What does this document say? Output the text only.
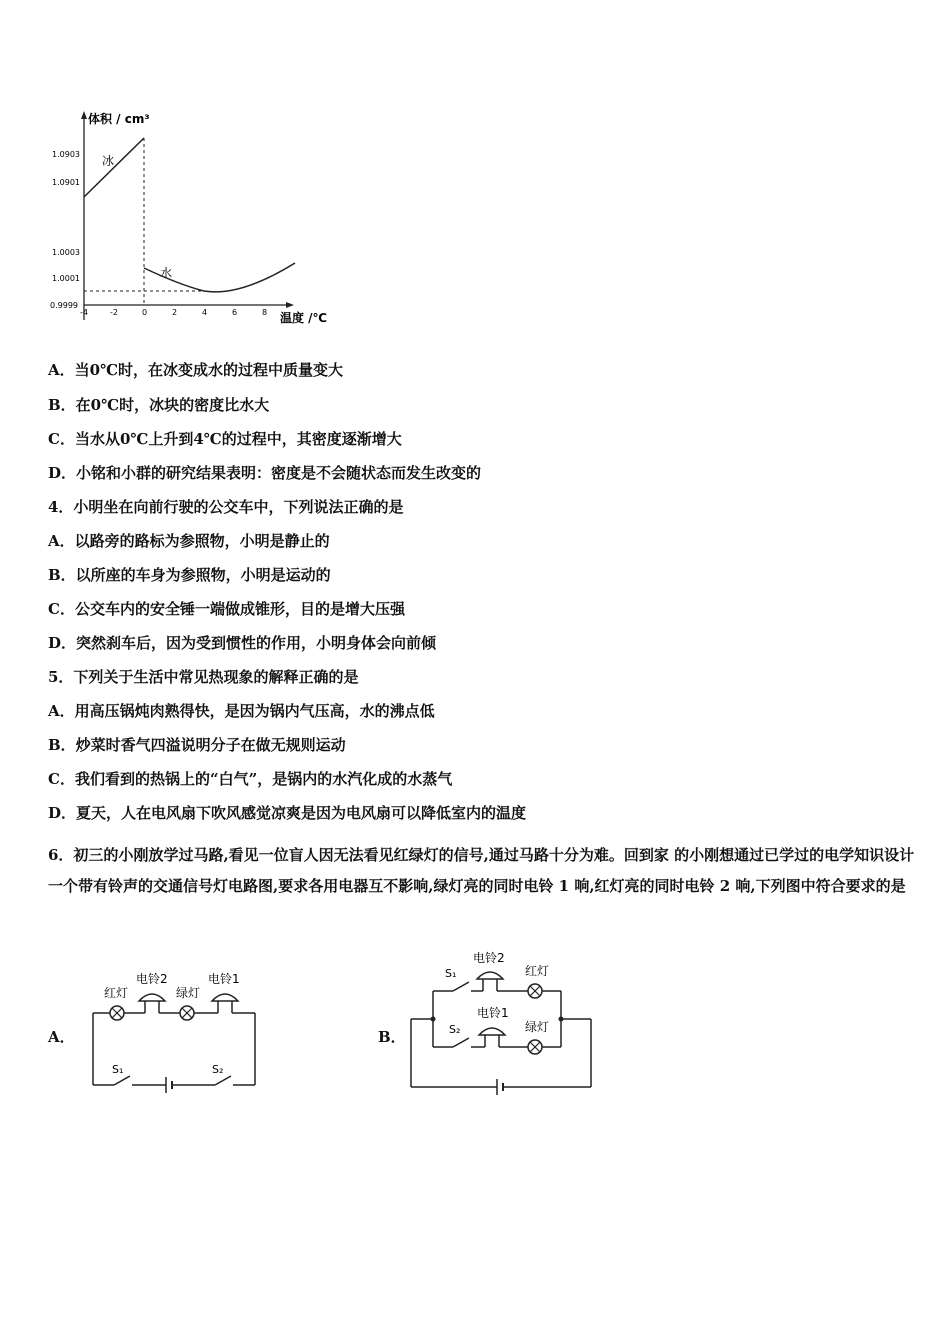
体积 / cm³
温度 /℃
1.0903
1.0901
1.0003
1.0001
0.9999
-4	-2	0	2	4	6	8
冰
水
A．当0℃时，在冰变成水的过程中质量变大
B．在0℃时，冰块的密度比水大
C．当水从0℃上升到4℃的过程中，其密度逐渐增大
D．小铭和小群的研究结果表明：密度是不会随状态而发生改变的
4．小明坐在向前行驶的公交车中，下列说法正确的是
A．以路旁的路标为参照物，小明是静止的
B．以所座的车身为参照物，小明是运动的
C．公交车内的安全锤一端做成锥形，目的是增大压强
D．突然刹车后，因为受到惯性的作用，小明身体会向前倾
5．下列关于生活中常见热现象的解释正确的是
A．用高压锅炖肉熟得快，是因为锅内气压高，水的沸点低
B．炒菜时香气四溢说明分子在做无规则运动
C．我们看到的热锅上的“白气”，是锅内的水汽化成的水蒸气
D．夏天，人在电风扇下吹风感觉凉爽是因为电风扇可以降低室内的温度
6．初三的小刚放学过马路,看见一位盲人因无法看见红绿灯的信号,通过马路十分为难。回到家 的小刚想通过已学过的电学知识设计一个带有铃声的交通信号灯电路图,要求各用电器互不影响,绿灯亮的同时电铃 1 响,红灯亮的同时电铃 2 响,下列图中符合要求的是
A．	B．
红灯
电铃2
绿灯
电铃1
S₁	S₂
S₁
电铃2
红灯
S₂
电铃1
绿灯
